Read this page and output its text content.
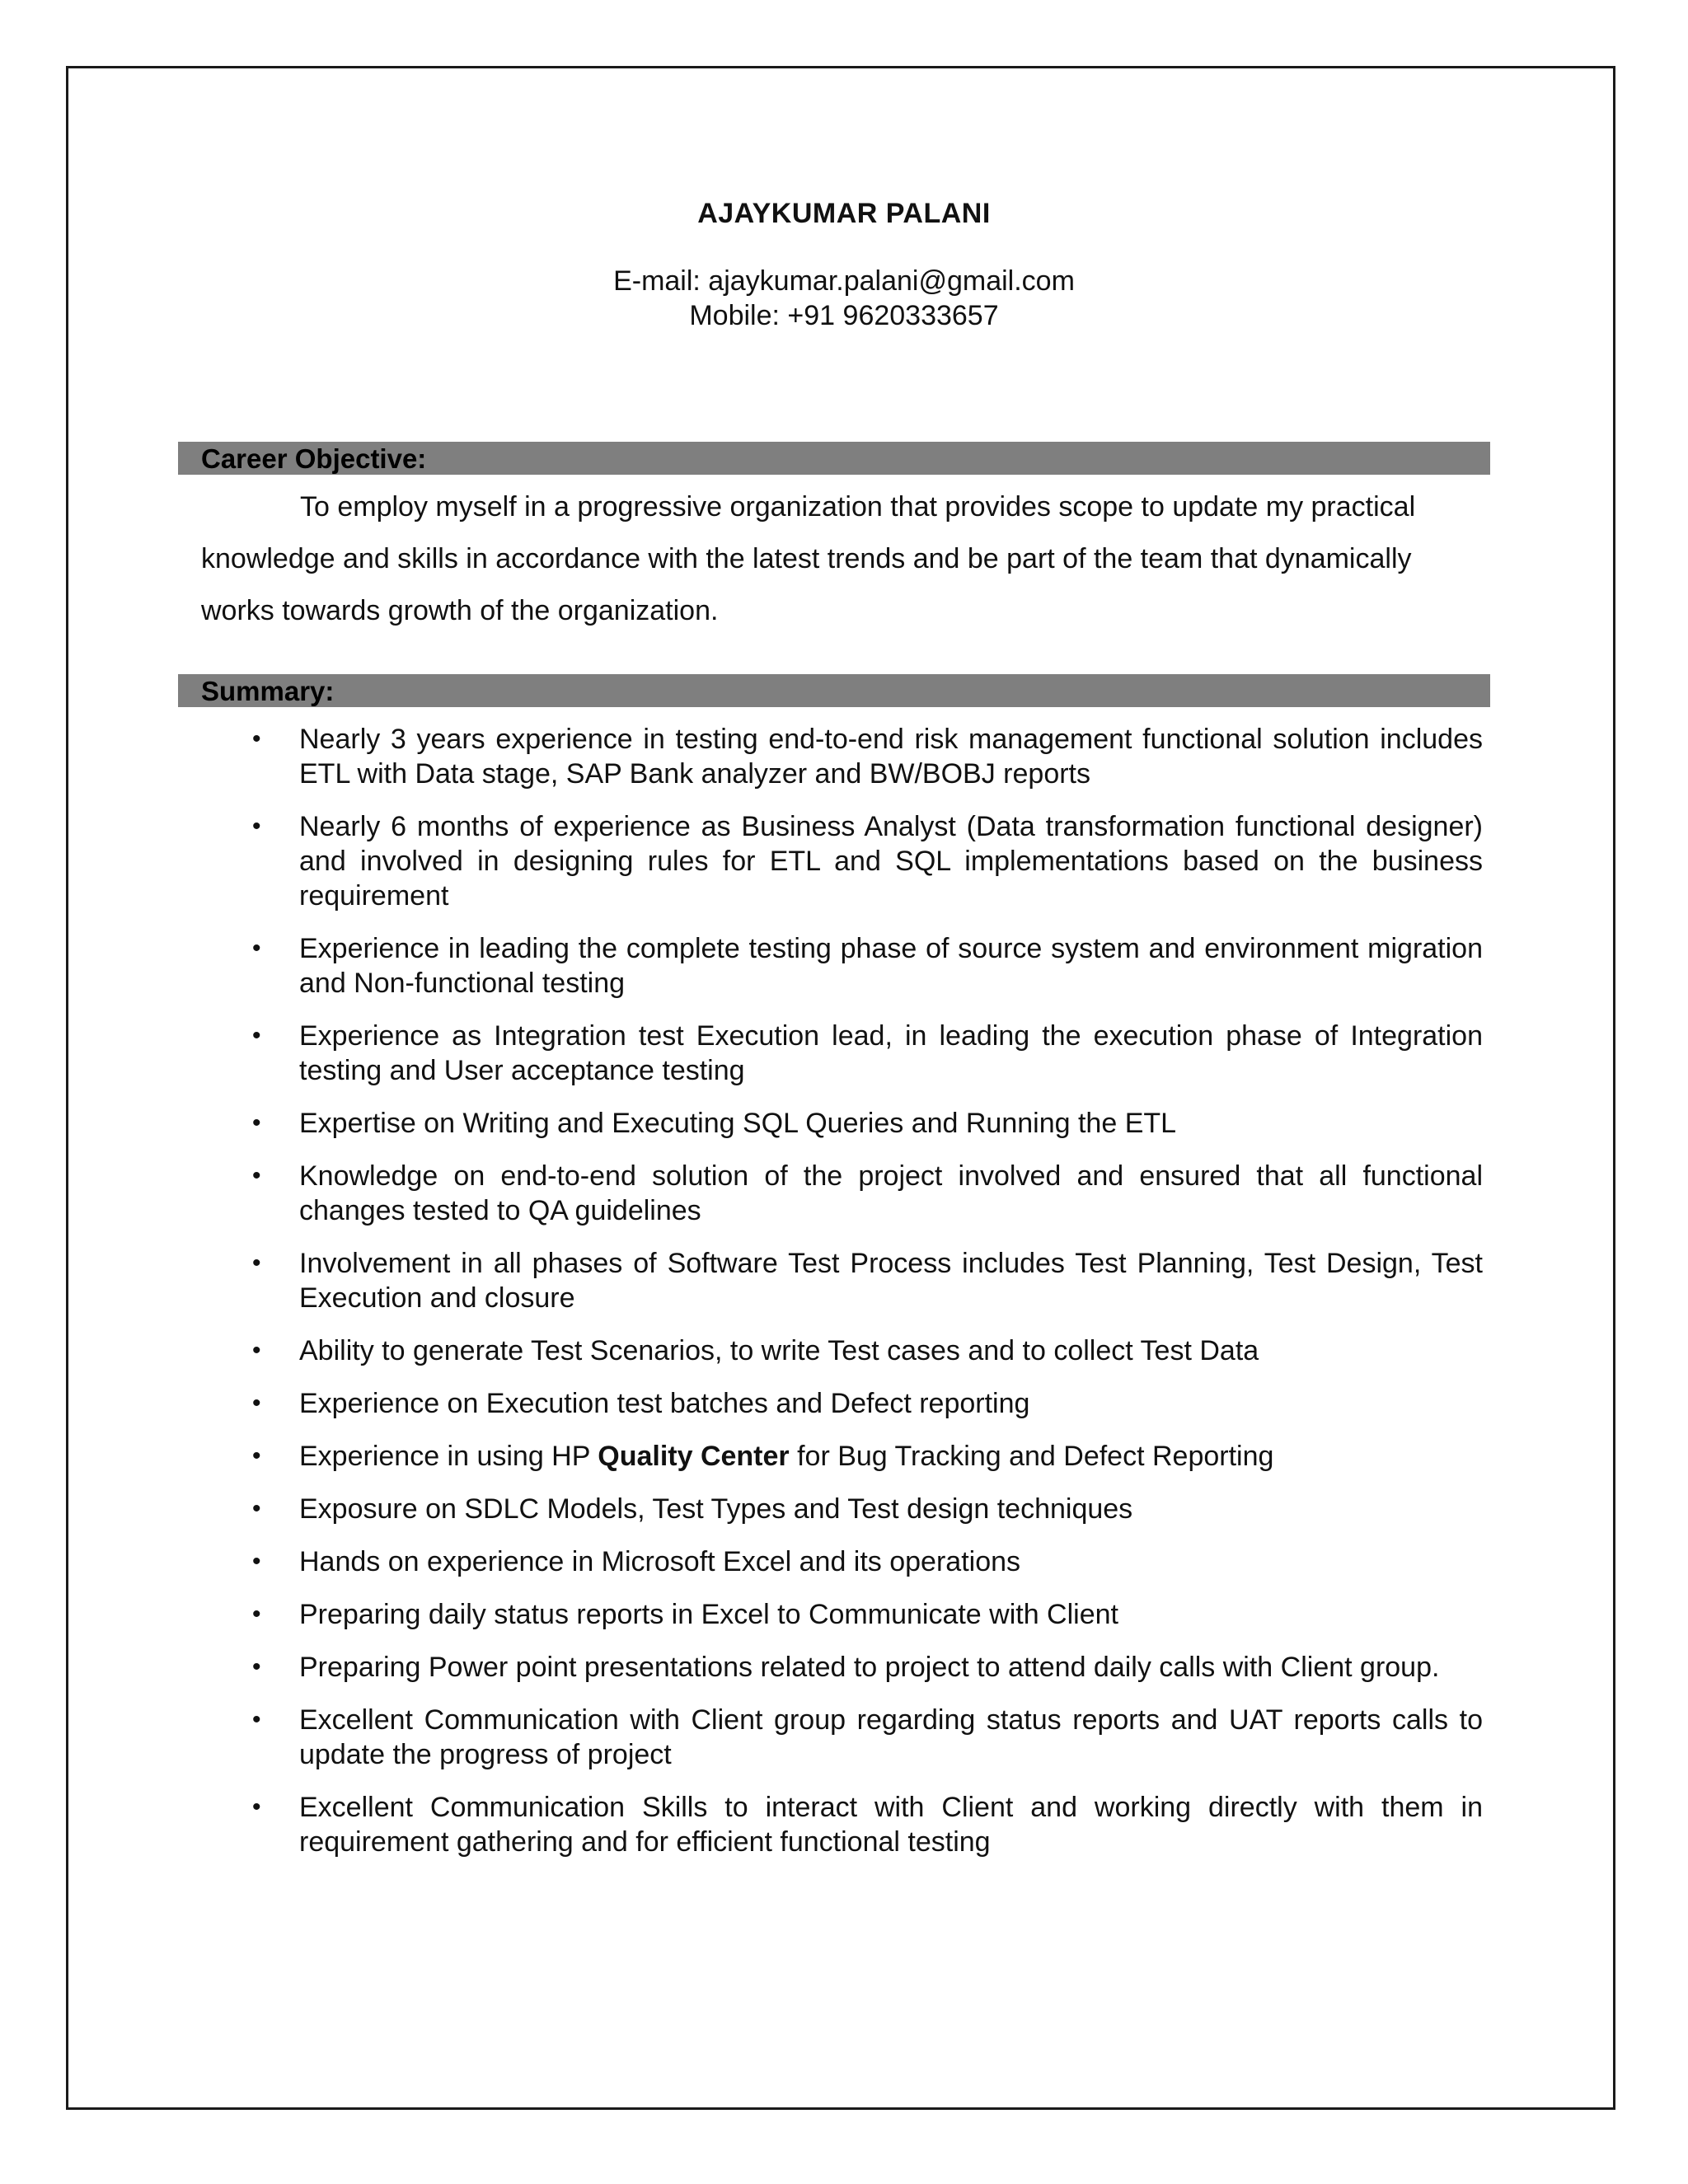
AJAYKUMAR PALANI
E-mail: ajaykumar.palani@gmail.com
Mobile: +91 9620333657
Career Objective:

To employ myself in a progressive organization that provides scope to update my practical knowledge and skills in accordance with the latest trends and be part of the team that dynamically works towards growth of the organization.

Summary:
• Nearly 3 years experience in testing end-to-end risk management functional solution includes ETL with Data stage, SAP Bank analyzer and BW/BOBJ reports
• Nearly 6 months of experience as Business Analyst (Data transformation functional designer) and involved in designing rules for ETL and SQL implementations based on the business requirement
• Experience in leading the complete testing phase of source system and environment migration and Non-functional testing
• Experience as Integration test Execution lead, in leading the execution phase of Integration testing and User acceptance testing
• Expertise on Writing and Executing SQL Queries and Running the ETL
• Knowledge on end-to-end solution of the project involved and ensured that all functional changes tested to QA guidelines
• Involvement in all phases of Software Test Process includes Test Planning, Test Design, Test Execution and closure
• Ability to generate Test Scenarios, to write Test cases and to collect Test Data
• Experience on Execution test batches and Defect reporting
• Experience in using HP Quality Center for Bug Tracking and Defect Reporting
• Exposure on SDLC Models, Test Types and Test design techniques
• Hands on experience in Microsoft Excel and its operations
• Preparing daily status reports in Excel to Communicate with Client
• Preparing Power point presentations related to project to attend daily calls with Client group.
• Excellent Communication with Client group regarding status reports and UAT reports calls to update the progress of project
• Excellent Communication Skills to interact with Client and working directly with them in requirement gathering and for efficient functional testing
